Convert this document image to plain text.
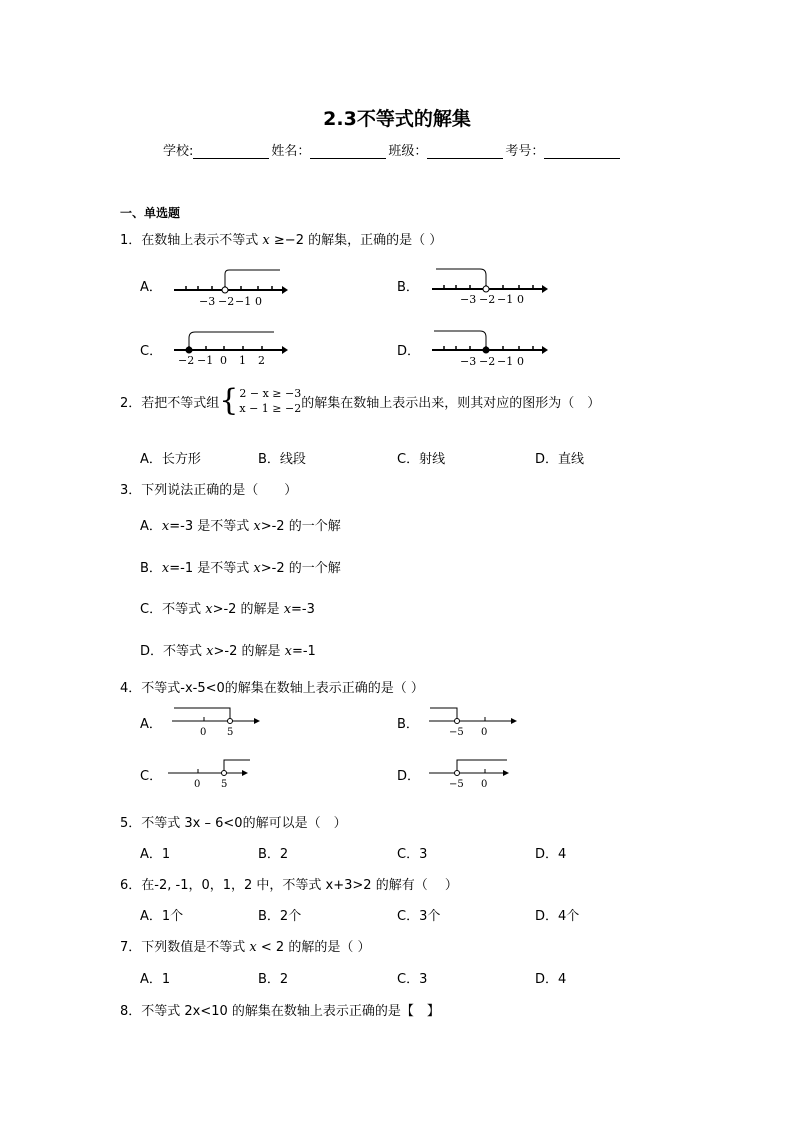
2.3不等式的解集
学校:	姓名：	班级：	考号：
一、单选题
1．在数轴上表示不等式 x ≥−2 的解集，正确的是（ ）
A．
−3 −2 −1 0
B．
−3 −2 −1 0
C．
−2 −1 0 1 2
D．
−3 −2 −1 0
2．若把不等式组 { 2 − x ≥ −3
x − 1 ≥ −2 的解集在数轴上表示出来，则其对应的图形为（　）
A．长方形	B．线段	C．射线	D．直线
3．下列说法正确的是（　　）
A．x=-3 是不等式 x>-2 的一个解
B．x=-1 是不等式 x>-2 的一个解
C．不等式 x>-2 的解是 x=-3
D．不等式 x>-2 的解是 x=-1
4．不等式-x-5<0的解集在数轴上表示正确的是（ ）
A．
0 5
B．
−5 0
C．
0 5
D．
−5 0
5．不等式 3x – 6<0的解可以是（　）
A．1	B．2	C．3	D．4
6．在-2, -1，0，1，2 中，不等式 x+3>2 的解有（　 ）
A．1个	B．2个	C．3个	D．4个
7．下列数值是不等式 x < 2 的解的是（ ）
A．1	B．2	C．3	D．4
8．不等式 2x<10 的解集在数轴上表示正确的是【　】
